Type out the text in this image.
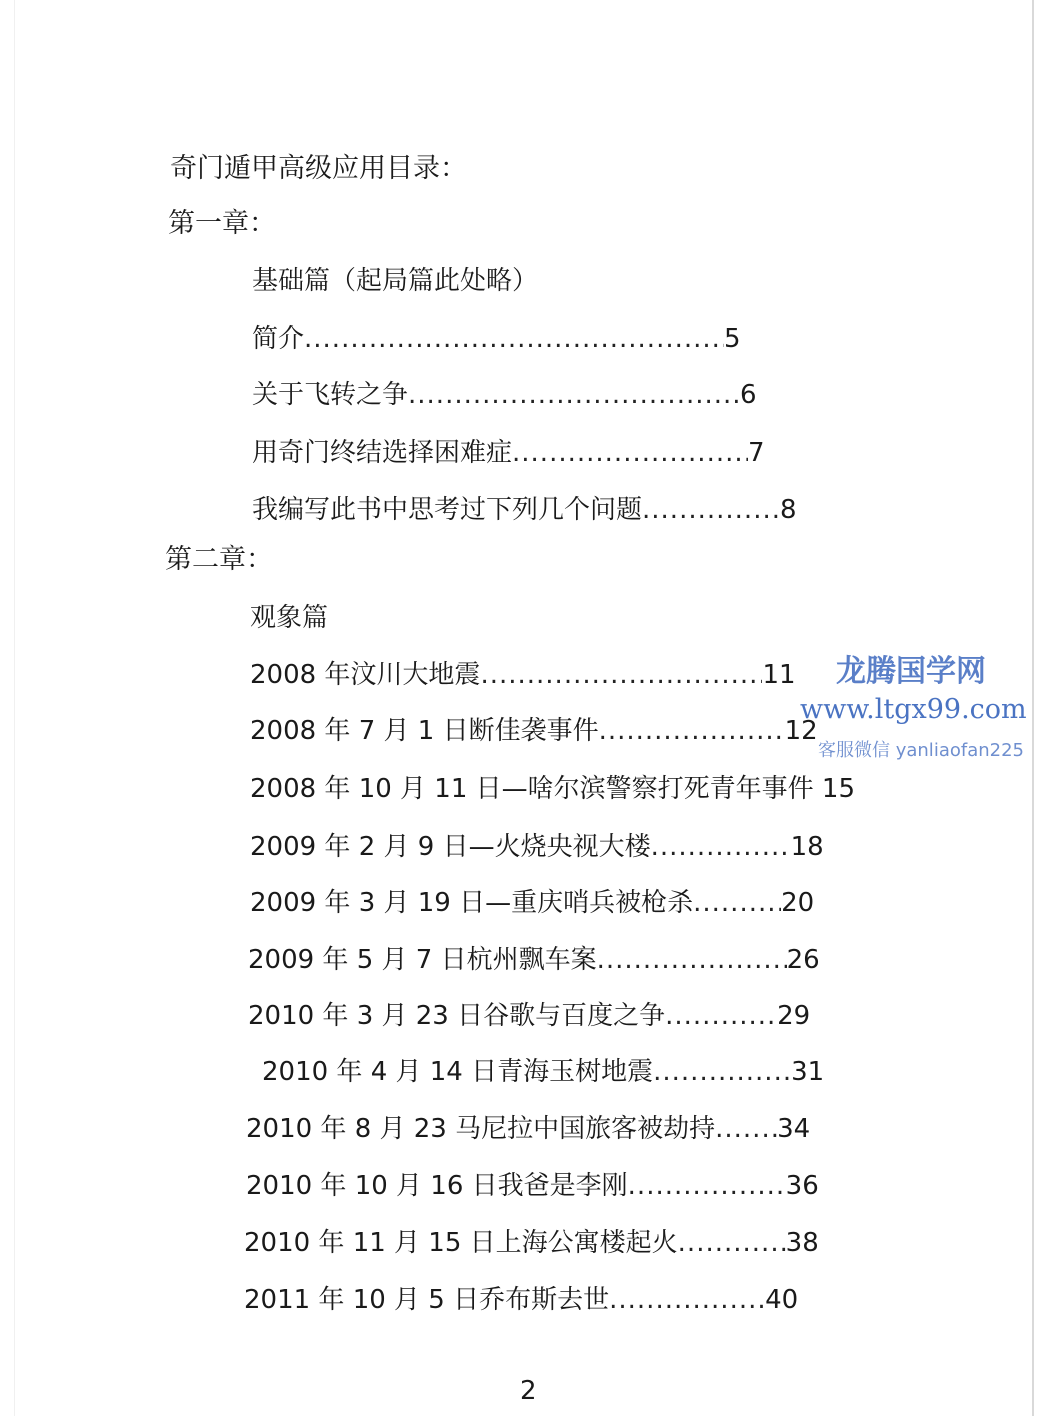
奇门遁甲高级应用目录：
第一章：
基础篇（起局篇此处略）
简介 .....	5
关于飞转之争 .....	6
用奇门终结选择困难症 .....	7
我编写此书中思考过下列几个问题 .....	8
第二章：
观象篇
2008 年汶川大地震 .....	11
2008 年 7 月 1 日断佳袭事件 .....	12
2008 年 10 月 11 日—啥尔滨警察打死青年事件 15
2009 年 2 月 9 日—火烧央视大楼 .....	18
2009 年 3 月 19 日—重庆哨兵被枪杀 .....	20
2009 年 5 月 7 日杭州飘车案 .....	26
2010 年 3 月 23 日谷歌与百度之争 .....	29
2010 年 4 月 14 日青海玉树地震 .....	31
2010 年 8 月 23 马尼拉中国旅客被劫持 ..... 34
2010 年 10 月 16 日我爸是李刚 .....	36
2010 年 11 月 15 日上海公寓楼起火 .....	38
2011 年 10 月 5 日乔布斯去世 .....	40
2
龙腾国学网
www.ltgx99.com
客服微信 yanliaofan225
